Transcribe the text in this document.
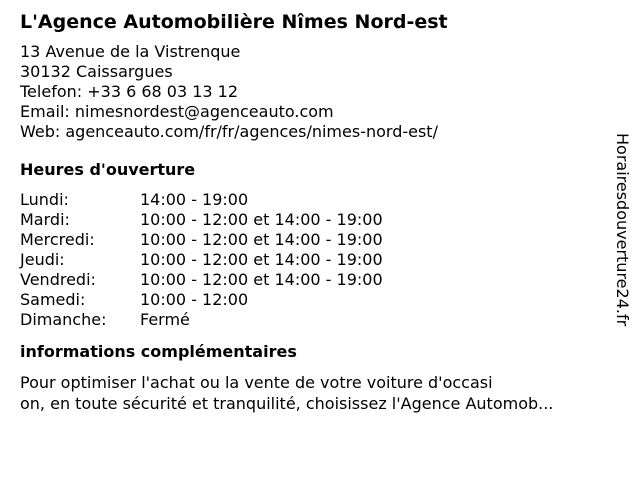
L'Agence Automobilière Nîmes Nord-est
13 Avenue de la Vistrenque
30132 Caissargues
Telefon: +33 6 68 03 13 12
Email: nimesnordest@agenceauto.com
Web: agenceauto.com/fr/fr/agences/nimes-nord-est/
Heures d'ouverture
Lundi:	14:00 - 19:00
Mardi:	10:00 - 12:00 et 14:00 - 19:00
Mercredi:	10:00 - 12:00 et 14:00 - 19:00
Jeudi:	10:00 - 12:00 et 14:00 - 19:00
Vendredi:	10:00 - 12:00 et 14:00 - 19:00
Samedi:	10:00 - 12:00
Dimanche:	Fermé
informations complémentaires
Pour optimiser l'achat ou la vente de votre voiture d'occasi
on, en toute sécurité et tranquilité, choisissez l'Agence Automob...
Horairesdouverture24.fr
